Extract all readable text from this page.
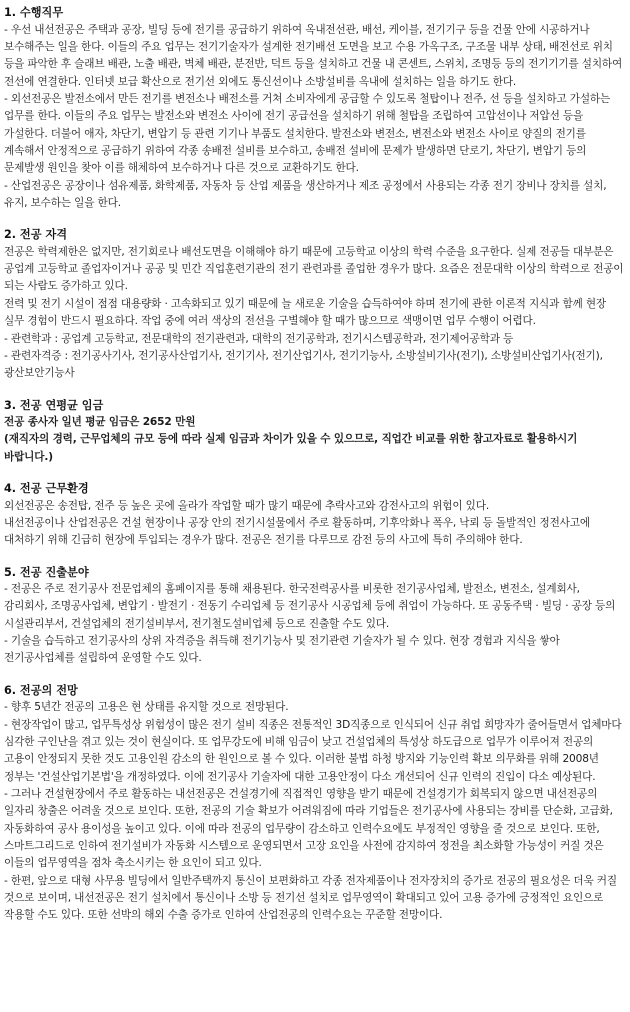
1. 수행직무

- 우선 내선전공은 주택과 공장, 빌딩 등에 전기를 공급하기 위하여 옥내전선관, 배선, 케이블, 전기기구 등을 건물 안에 시공하거나 보수해주는 일을 한다. 이들의 주요 업무는 전기기술자가 설계한 전기배선 도면을 보고 수용 가옥구조, 구조물 내부 상태, 배전선로 위치 등을 파악한 후 슬래브 배관, 노출 배관, 벽체 배관, 분전반, 덕트 등을 설치하고 건물 내 콘센트, 스위치, 조명등 등의 전기기기를 설치하여 전선에 연결한다. 인터넷 보급 확산으로 전기선 외에도 통신선이나 소방설비를 옥내에 설치하는 일을 하기도 한다.

- 외선전공은 발전소에서 만든 전기를 변전소나 배전소를 거쳐 소비자에게 공급할 수 있도록 철탑이나 전주, 선 등을 설치하고 가설하는 업무를 한다. 이들의 주요 업무는 발전소와 변전소 사이에 전기 공급선을 설치하기 위해 철탑을 조립하여 고압선이나 저압선 등을 가설한다. 더불어 애자, 차단기, 변압기 등 관련 기기나 부품도 설치한다. 발전소와 변전소, 변전소와 변전소 사이로 양질의 전기를 계속해서 안정적으로 공급하기 위하여 각종 송배전 설비를 보수하고, 송배전 설비에 문제가 발생하면 단로기, 차단기, 변압기 등의 문제발생 원인을 찾아 이를 해체하여 보수하거나 다른 것으로 교환하기도 한다.

- 산업전공은 공장이나 섬유제품, 화학제품, 자동차 등 산업 제품을 생산하거나 제조 공정에서 사용되는 각종 전기 장비나 장치를 설치, 유지, 보수하는 일을 한다.

2. 전공 자격

전공은 학력제한은 없지만, 전기회로나 배선도면을 이해해야 하기 때문에 고등학교 이상의 학력 수준을 요구한다. 실제 전공들 대부분은 공업계 고등학교 졸업자이거나 공공 및 민간 직업훈련기관의 전기 관련과를 졸업한 경우가 많다. 요즘은 전문대학 이상의 학력으로 전공이 되는 사람도 증가하고 있다.

전력 및 전기 시설이 점점 대용량화 · 고속화되고 있기 때문에 늘 새로운 기술을 습득하여야 하며 전기에 관한 이론적 지식과 함께 현장 실무 경험이 반드시 필요하다. 작업 중에 여러 색상의 전선을 구별해야 할 때가 많으므로 색맹이면 업무 수행이 어렵다.

- 관련학과 : 공업계 고등학교, 전문대학의 전기관련과, 대학의 전기공학과, 전기시스템공학과, 전기제어공학과 등

- 관련자격증 : 전기공사기사, 전기공사산업기사, 전기기사, 전기산업기사, 전기기능사, 소방설비기사(전기), 소방설비산업기사(전기), 광산보안기능사

3. 전공 연평균 임금

전공 종사자 일년 평균 임금은 2652 만원

(재직자의 경력, 근무업체의 규모 등에 따라 실제 임금과 차이가 있을 수 있으므로, 직업간 비교를 위한 참고자료로 활용하시기 바랍니다.)

4. 전공 근무환경

외선전공은 송전탑, 전주 등 높은 곳에 올라가 작업할 때가 많기 때문에 추락사고와 감전사고의 위험이 있다.

내선전공이나 산업전공은 건설 현장이나 공장 안의 전기시설물에서 주로 활동하며, 기후악화나 폭우, 낙뢰 등 돌발적인 정전사고에 대처하기 위해 긴급히 현장에 투입되는 경우가 많다. 전공은 전기를 다루므로 감전 등의 사고에 특히 주의해야 한다.

5. 전공 진출분야

- 전공은 주로 전기공사 전문업체의 홈페이지를 통해 채용된다. 한국전력공사를 비롯한 전기공사업체, 발전소, 변전소, 설계회사, 감리회사, 조명공사업체, 변압기 · 발전기 · 전동기 수리업체 등 전기공사 시공업체 등에 취업이 가능하다. 또 공동주택 · 빌딩 · 공장 등의 시설관리부서, 건설업체의 전기설비부서, 전기철도설비업체 등으로 진출할 수도 있다.

- 기술을 습득하고 전기공사의 상위 자격증을 취득해 전기기능사 및 전기관련 기술자가 될 수 있다. 현장 경험과 지식을 쌓아 전기공사업체를 설립하여 운영할 수도 있다.

6. 전공의 전망

- 향후 5년간 전공의 고용은 현 상태를 유지할 것으로 전망된다.

- 현장작업이 많고, 업무특성상 위험성이 많은 전기 설비 직종은 전통적인 3D직종으로 인식되어 신규 취업 희망자가 줄어들면서 업체마다 심각한 구인난을 겪고 있는 것이 현실이다. 또 업무강도에 비해 임금이 낮고 건설업체의 특성상 하도급으로 업무가 이루어져 전공의 고용이 안정되지 못한 것도 고용인원 감소의 한 원인으로 볼 수 있다. 이러한 불법 하청 방지와 기능인력 확보 의무화를 위해 2008년 정부는 '건설산업기본법'을 개정하였다. 이에 전기공사 기술자에 대한 고용안정이 다소 개선되어 신규 인력의 진입이 다소 예상된다.

- 그러나 건설현장에서 주로 활동하는 내선전공은 건설경기에 직접적인 영향을 받기 때문에 건설경기가 회복되지 않으면 내선전공의 일자리 창출은 어려울 것으로 보인다. 또한, 전공의 기술 확보가 어려워짐에 따라 기업들은 전기공사에 사용되는 장비를 단순화, 고급화, 자동화하여 공사 용이성을 높이고 있다. 이에 따라 전공의 업무량이 감소하고 인력수요에도 부정적인 영향을 줄 것으로 보인다. 또한, 스마트그리드로 인하여 전기설비가 자동화 시스템으로 운영되면서 고장 요인을 사전에 감지하여 정전을 최소화할 가능성이 커질 것은 이들의 업무영역을 점차 축소시키는 한 요인이 되고 있다.

- 한편, 앞으로 대형 사무용 빌딩에서 일반주택까지 통신이 보편화하고 각종 전자제품이나 전자장치의 증가로 전공의 필요성은 더욱 커질 것으로 보이며, 내선전공은 전기 설치에서 통신이나 소방 등 전기선 설치로 업무영역이 확대되고 있어 고용 증가에 긍정적인 요인으로 작용할 수도 있다. 또한 선박의 해외 수출 증가로 인하여 산업전공의 인력수요는 꾸준할 전망이다.
